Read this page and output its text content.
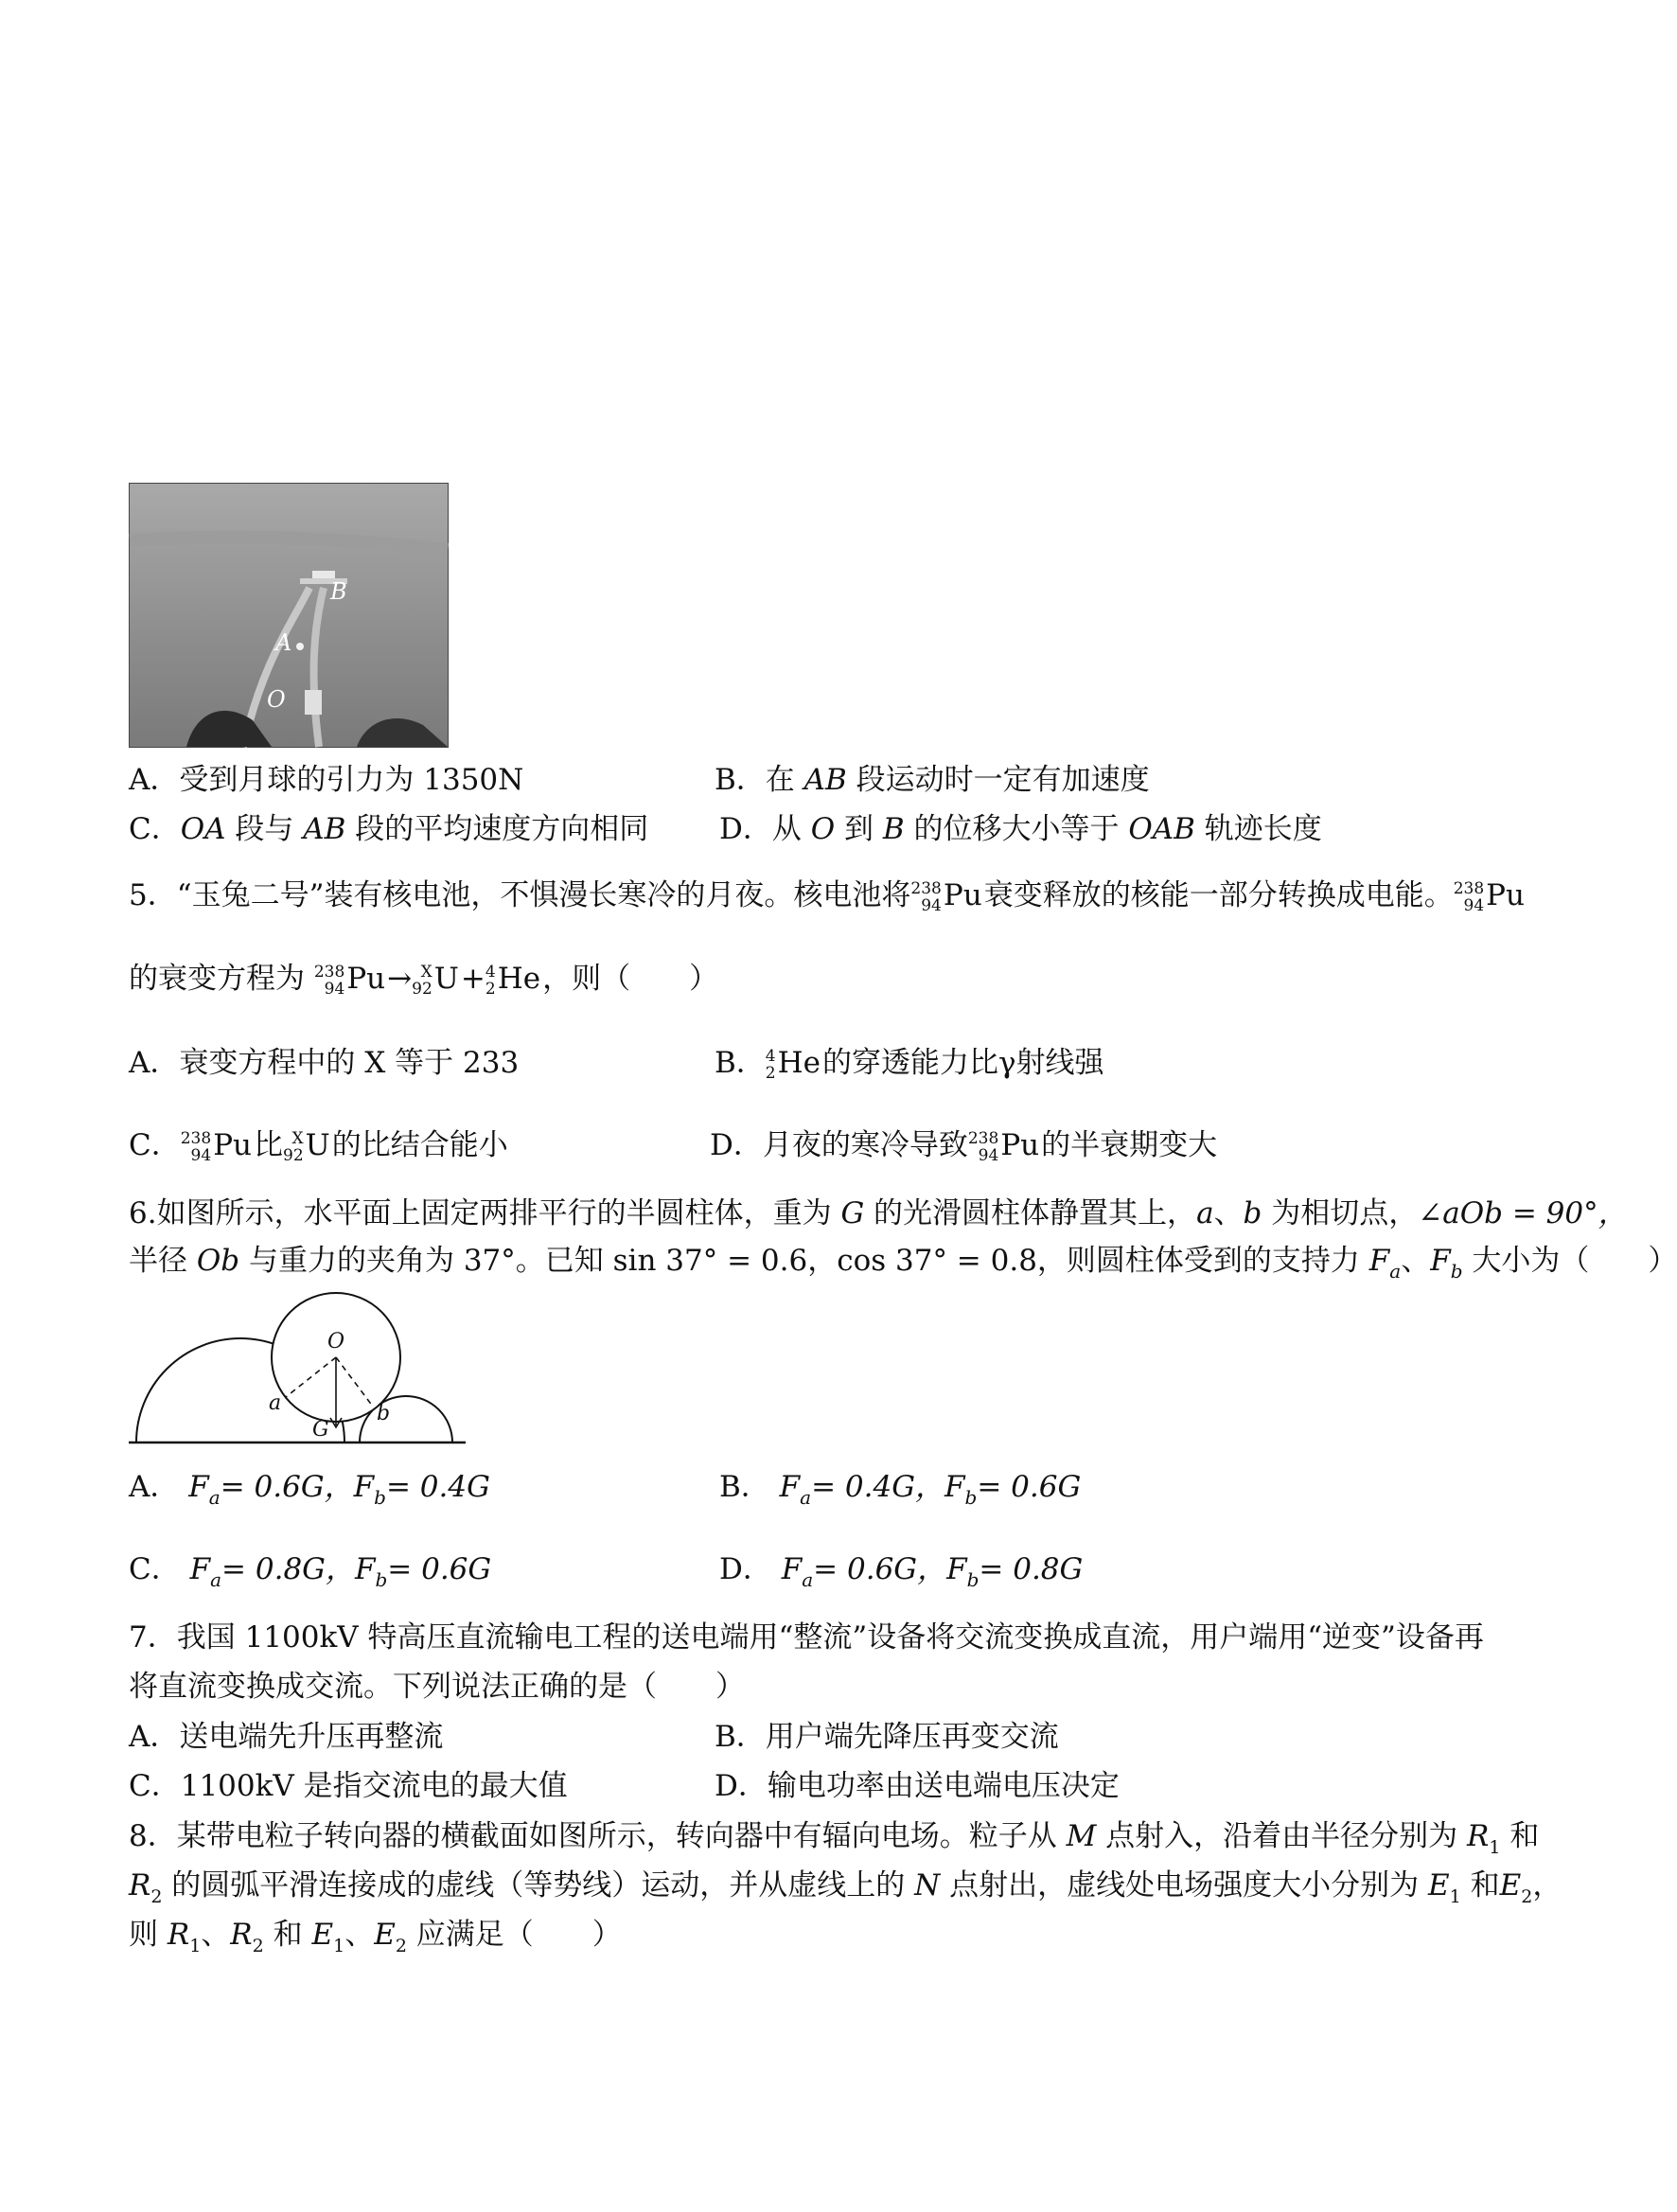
B
A
O
A．受到月球的引力为 1350N	B．在 AB 段运动时一定有加速度
C．OA 段与 AB 段的平均速度方向相同 D．从 O 到 B 的位移大小等于 OAB 轨迹长度
5．“玉兔二号”装有核电池，不惧漫长寒冷的月夜。核电池将 238
94 Pu衰变释放的核能一部分转换成电能。 238
94 Pu
的衰变方程为 238
94 Pu→ X
92 U+ 4
2 He，则（　　）
A．衰变方程中的 X 等于 233	B． 4
2 He的穿透能力比γ射线强
C． 238
94 Pu比 X
92 U的比结合能小	D．月夜的寒冷导致 238
94 Pu的半衰期变大
6.如图所示，水平面上固定两排平行的半圆柱体，重为 G 的光滑圆柱体静置其上，a、b 为相切点，∠aOb = 90°，
半径 Ob 与重力的夹角为 37°。已知 sin 37° = 0.6，cos 37° = 0.8，则圆柱体受到的支持力 $F_a$、$F_b$ 大小为（　　）
O
a	b
G
A． $F_a= 0.6G$，$F_b= 0.4G$	B． $F_a= 0.4G$，$F_b= 0.6G$
C． $F_a= 0.8G$，$F_b= 0.6G$	D． $F_a= 0.6G$，$F_b= 0.8G$
7．我国 1100kV 特高压直流输电工程的送电端用“整流”设备将交流变换成直流，用户端用“逆变”设备再
将直流变换成交流。下列说法正确的是（　　）
A．送电端先升压再整流	B．用户端先降压再变交流
C．1100kV 是指交流电的最大值	D．输电功率由送电端电压决定
8．某带电粒子转向器的横截面如图所示，转向器中有辐向电场。粒子从 M 点射入，沿着由半径分别为 $R_1$ 和
$R_2$ 的圆弧平滑连接成的虚线（等势线）运动，并从虚线上的 N 点射出，虚线处电场强度大小分别为 $E_1$ 和$E_2$，
则 $R_1$、$R_2$ 和 $E_1$、$E_2$ 应满足（　　）
